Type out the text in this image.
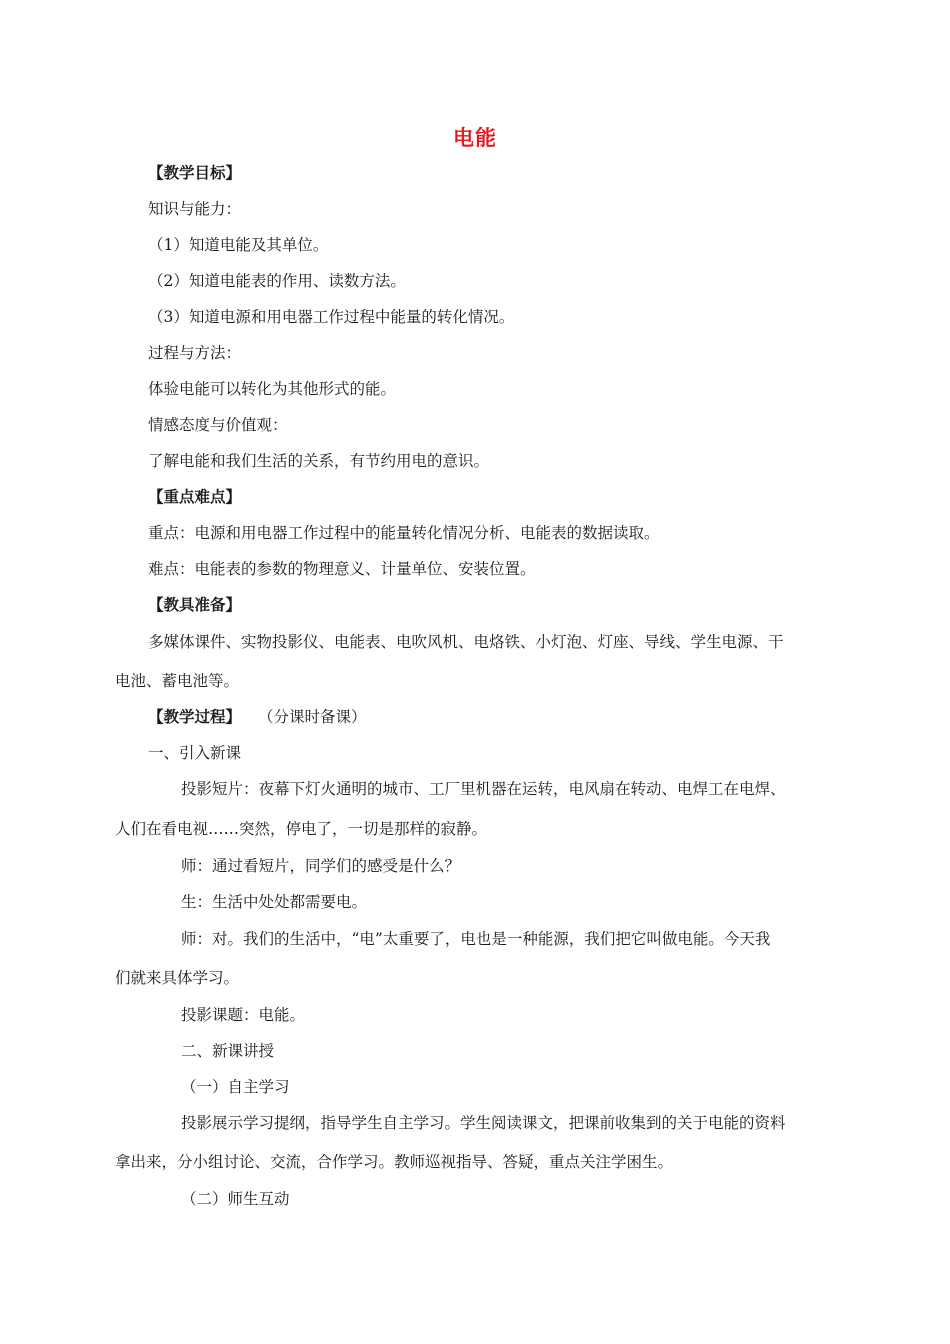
电能
【教学目标】
知识与能力：
（1）知道电能及其单位。
（2）知道电能表的作用、读数方法。
（3）知道电源和用电器工作过程中能量的转化情况。
过程与方法：
体验电能可以转化为其他形式的能。
情感态度与价值观：
了解电能和我们生活的关系，有节约用电的意识。
【重点难点】
重点：电源和用电器工作过程中的能量转化情况分析、电能表的数据读取。
难点：电能表的参数的物理意义、计量单位、安装位置。
【教具准备】
多媒体课件、实物投影仪、电能表、电吹风机、电烙铁、小灯泡、灯座、导线、学生电源、干
电池、蓄电池等。
【教学过程】 （分课时备课）
一、引入新课
投影短片：夜幕下灯火通明的城市、工厂里机器在运转，电风扇在转动、电焊工在电焊、
人们在看电视……突然，停电了，一切是那样的寂静。
师：通过看短片，同学们的感受是什么？
生：生活中处处都需要电。
师：对。我们的生活中，“电”太重要了，电也是一种能源，我们把它叫做电能。今天我
们就来具体学习。
投影课题：电能。
二、新课讲授
（一）自主学习
投影展示学习提纲，指导学生自主学习。学生阅读课文，把课前收集到的关于电能的资料
拿出来，分小组讨论、交流，合作学习。教师巡视指导、答疑，重点关注学困生。
（二）师生互动
